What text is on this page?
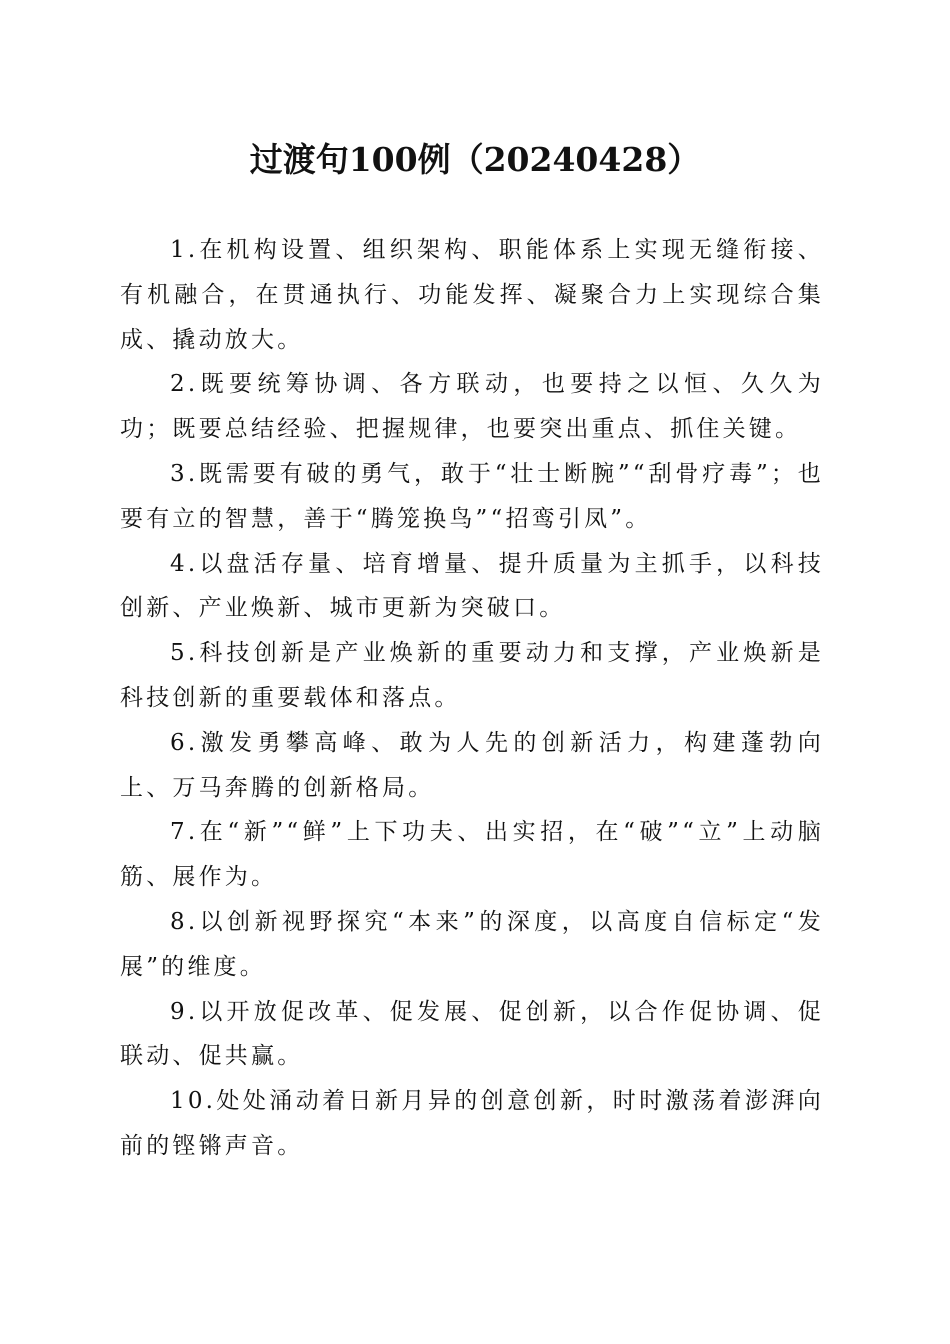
过渡句100例（20240428）

1.在机构设置、组织架构、职能体系上实现无缝衔接、有机融合，在贯通执行、功能发挥、凝聚合力上实现综合集成、撬动放大。

2.既要统筹协调、各方联动，也要持之以恒、久久为功；既要总结经验、把握规律，也要突出重点、抓住关键。

3.既需要有破的勇气，敢于“壮士断腕”“刮骨疗毒”；也要有立的智慧，善于“腾笼换鸟”“招鸾引凤”。

4.以盘活存量、培育增量、提升质量为主抓手，以科技创新、产业焕新、城市更新为突破口。

5.科技创新是产业焕新的重要动力和支撑，产业焕新是科技创新的重要载体和落点。

6.激发勇攀高峰、敢为人先的创新活力，构建蓬勃向上、万马奔腾的创新格局。

7.在“新”“鲜”上下功夫、出实招，在“破”“立”上动脑筋、展作为。

8.以创新视野探究“本来”的深度，以高度自信标定“发展”的维度。

9.以开放促改革、促发展、促创新，以合作促协调、促联动、促共赢。

10.处处涌动着日新月异的创意创新，时时激荡着澎湃向前的铿锵声音。
